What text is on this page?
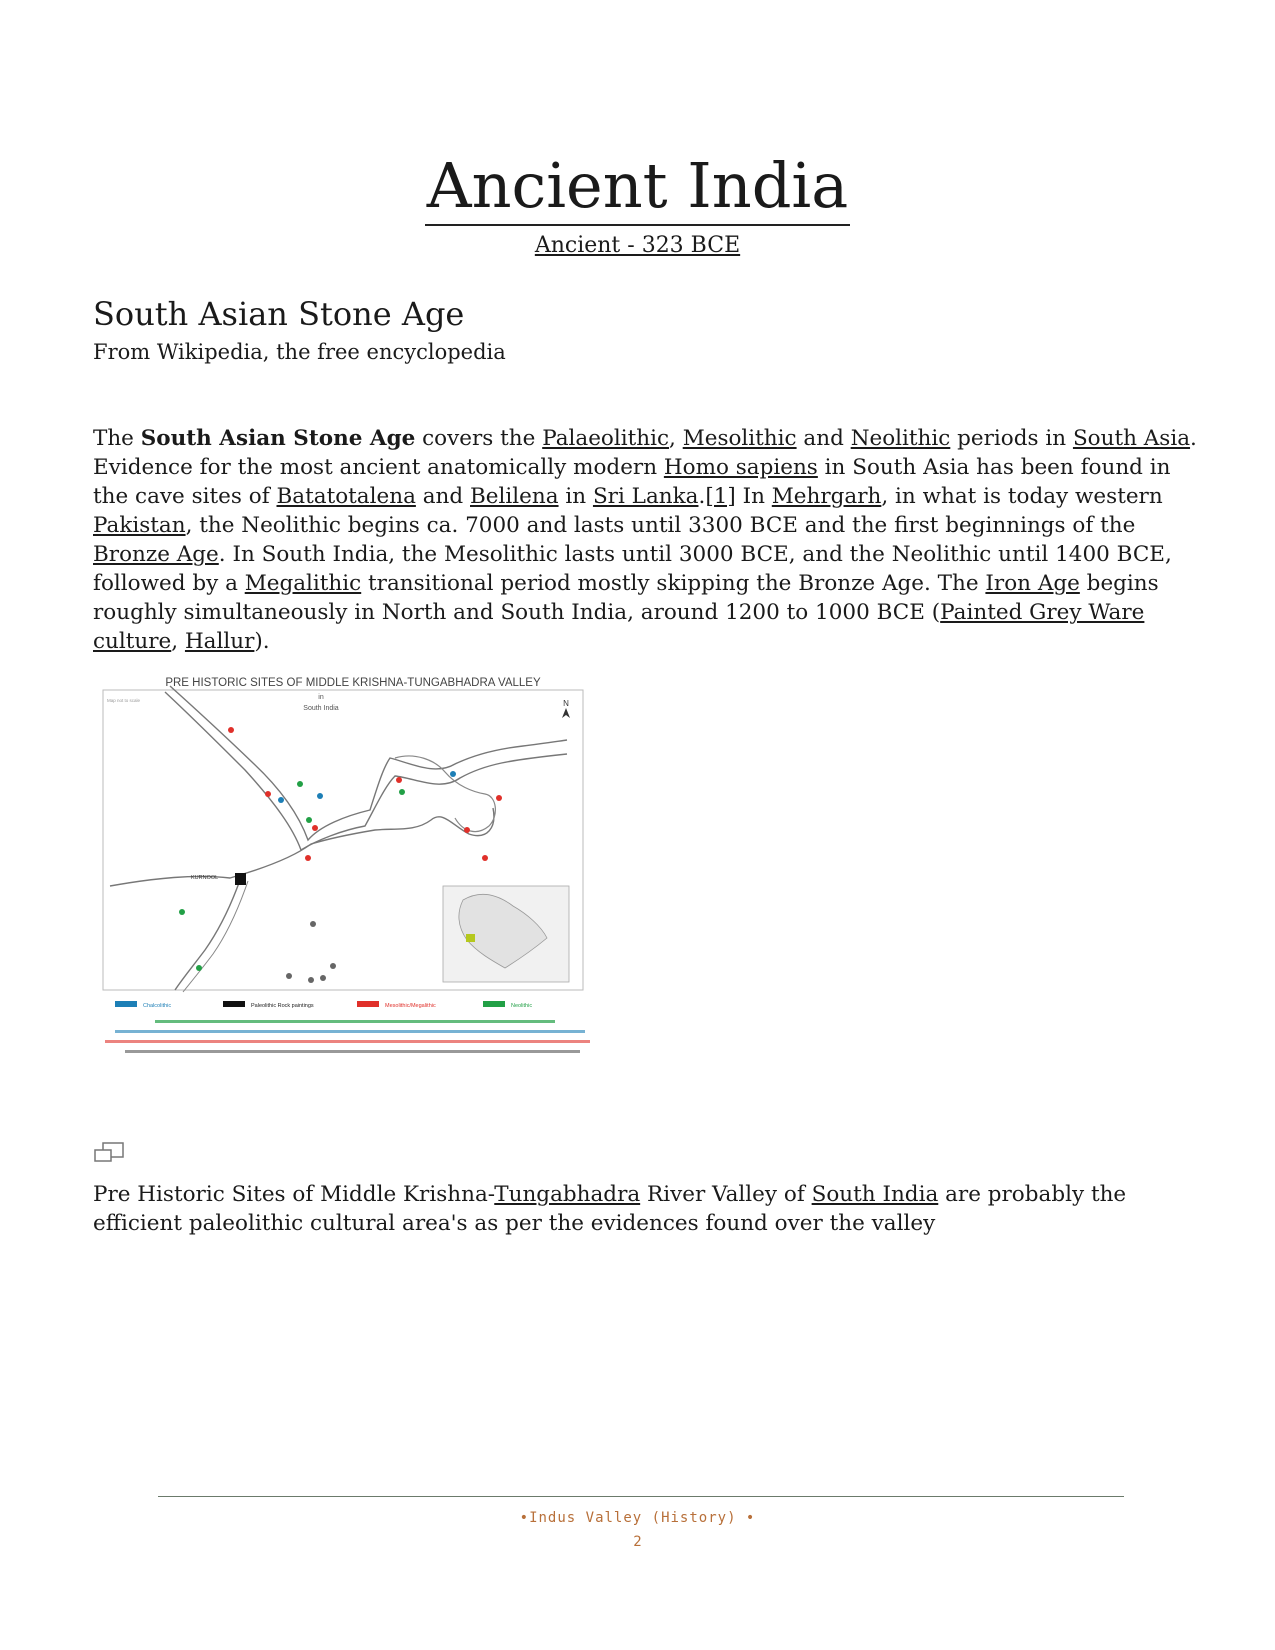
Ancient India
Ancient - 323 BCE
South Asian Stone Age
From Wikipedia, the free encyclopedia

The South Asian Stone Age covers the Palaeolithic, Mesolithic and Neolithic periods in South Asia. Evidence for the most ancient anatomically modern Homo sapiens in South Asia has been found in the cave sites of Batatotalena and Belilena in Sri Lanka.[1] In Mehrgarh, in what is today western Pakistan, the Neolithic begins ca. 7000 and lasts until 3300 BCE and the first beginnings of the Bronze Age. In South India, the Mesolithic lasts until 3000 BCE, and the Neolithic until 1400 BCE, followed by a Megalithic transitional period mostly skipping the Bronze Age. The Iron Age begins roughly simultaneously in North and South India, around 1200 to 1000 BCE (Painted Grey Ware culture, Hallur).

PRE HISTORIC SITES OF MIDDLE KRISHNA-TUNGABHADRA VALLEY
in
South India
Map not to scale	N
KURNOOL
Chalcolithic	Paleolithic Rock paintings	Mesolithic/Megalithic	Neolithic

Pre Historic Sites of Middle Krishna-Tungabhadra River Valley of South India are probably the efficient paleolithic cultural area's as per the evidences found over the valley

•Indus Valley (History) •
2
